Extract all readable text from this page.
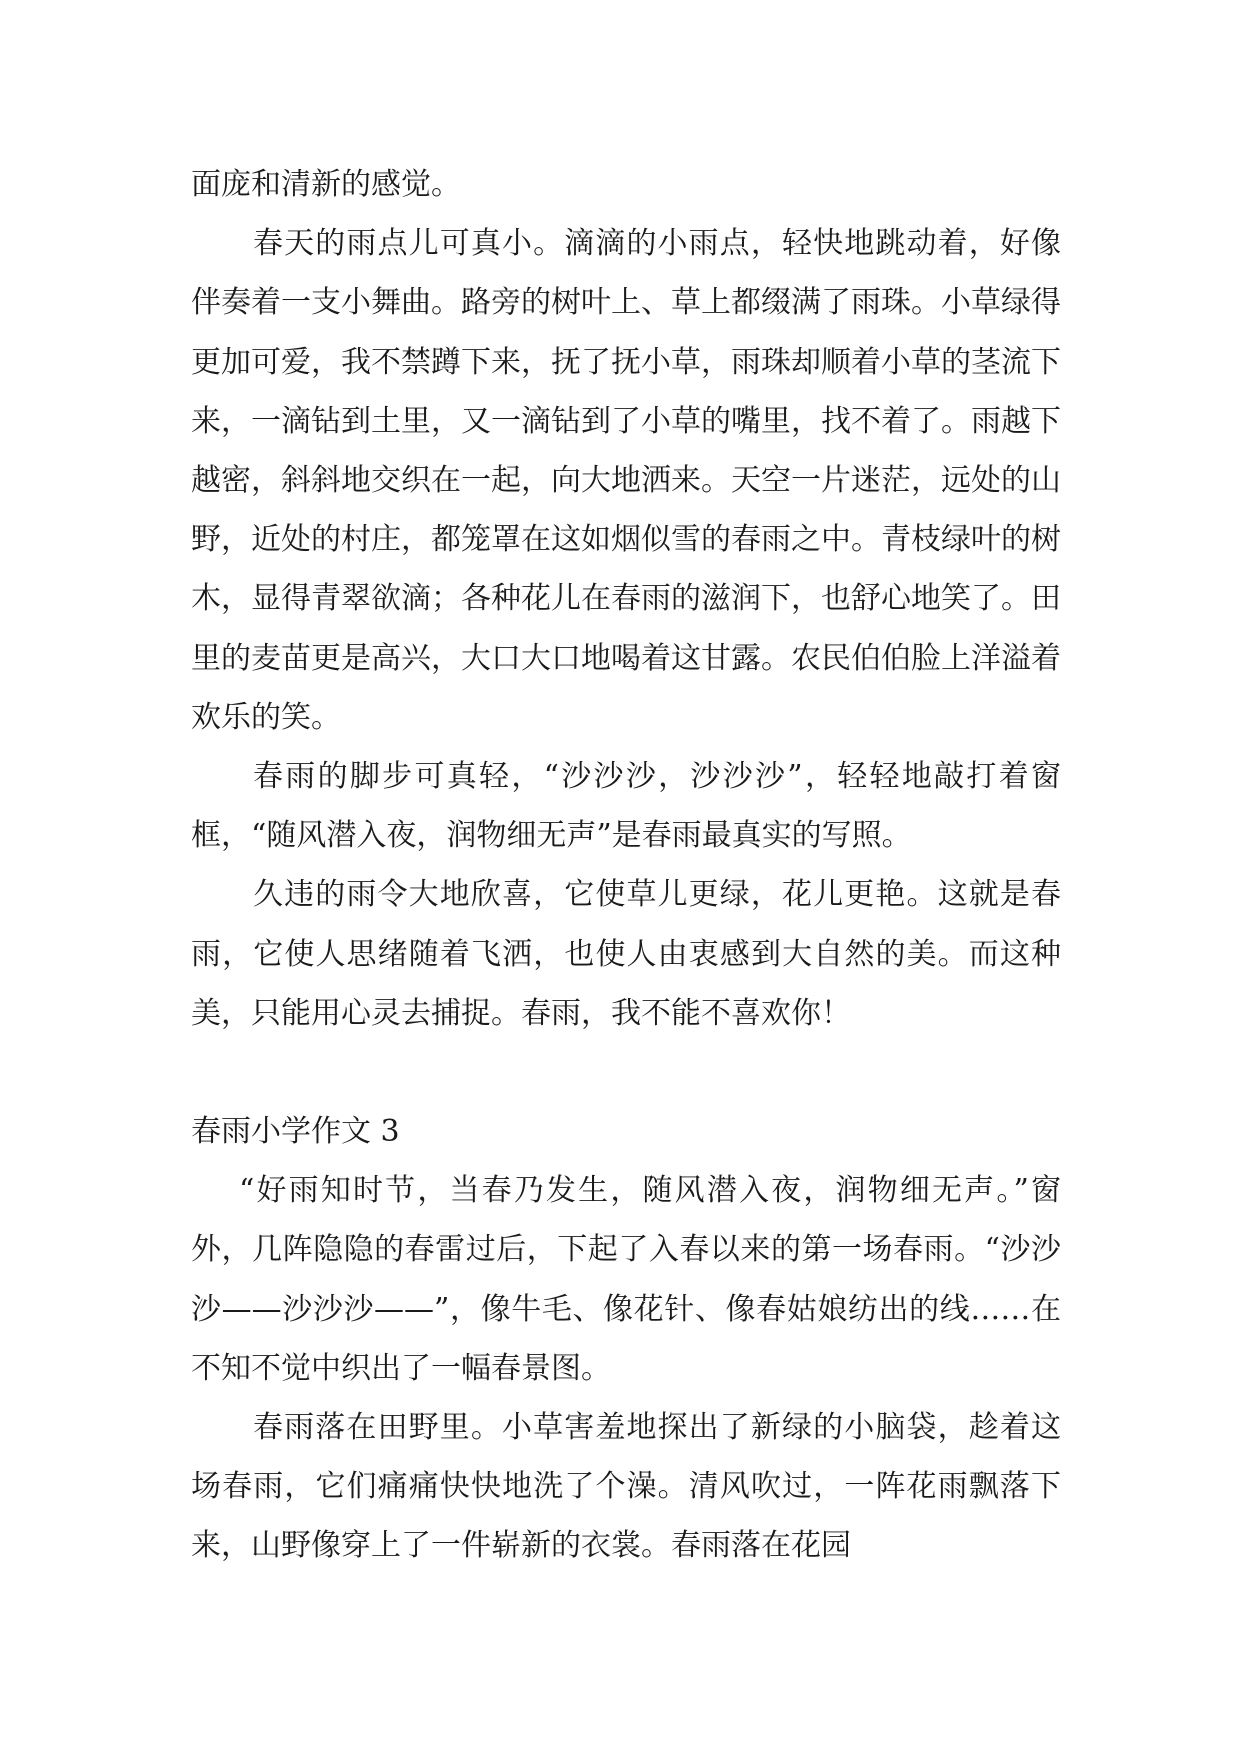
面庞和清新的感觉。

春天的雨点儿可真小。滴滴的小雨点，轻快地跳动着，好像伴奏着一支小舞曲。路旁的树叶上、草上都缀满了雨珠。小草绿得更加可爱，我不禁蹲下来，抚了抚小草，雨珠却顺着小草的茎流下来，一滴钻到土里，又一滴钻到了小草的嘴里，找不着了。雨越下越密，斜斜地交织在一起，向大地洒来。天空一片迷茫，远处的山野，近处的村庄，都笼罩在这如烟似雪的春雨之中。青枝绿叶的树木，显得青翠欲滴；各种花儿在春雨的滋润下，也舒心地笑了。田里的麦苗更是高兴，大口大口地喝着这甘露。农民伯伯脸上洋溢着欢乐的笑。

春雨的脚步可真轻，“沙沙沙，沙沙沙”，轻轻地敲打着窗框，“随风潜入夜，润物细无声”是春雨最真实的写照。

久违的雨令大地欣喜，它使草儿更绿，花儿更艳。这就是春雨，它使人思绪随着飞洒，也使人由衷感到大自然的美。而这种美，只能用心灵去捕捉。春雨，我不能不喜欢你！

春雨小学作文 3

“好雨知时节，当春乃发生，随风潜入夜，润物细无声。”窗外，几阵隐隐的春雷过后，下起了入春以来的第一场春雨。“沙沙沙——沙沙沙——”，像牛毛、像花针、像春姑娘纺出的线……在不知不觉中织出了一幅春景图。

春雨落在田野里。小草害羞地探出了新绿的小脑袋，趁着这场春雨，它们痛痛快快地洗了个澡。清风吹过，一阵花雨飘落下来，山野像穿上了一件崭新的衣裳。春雨落在花园
